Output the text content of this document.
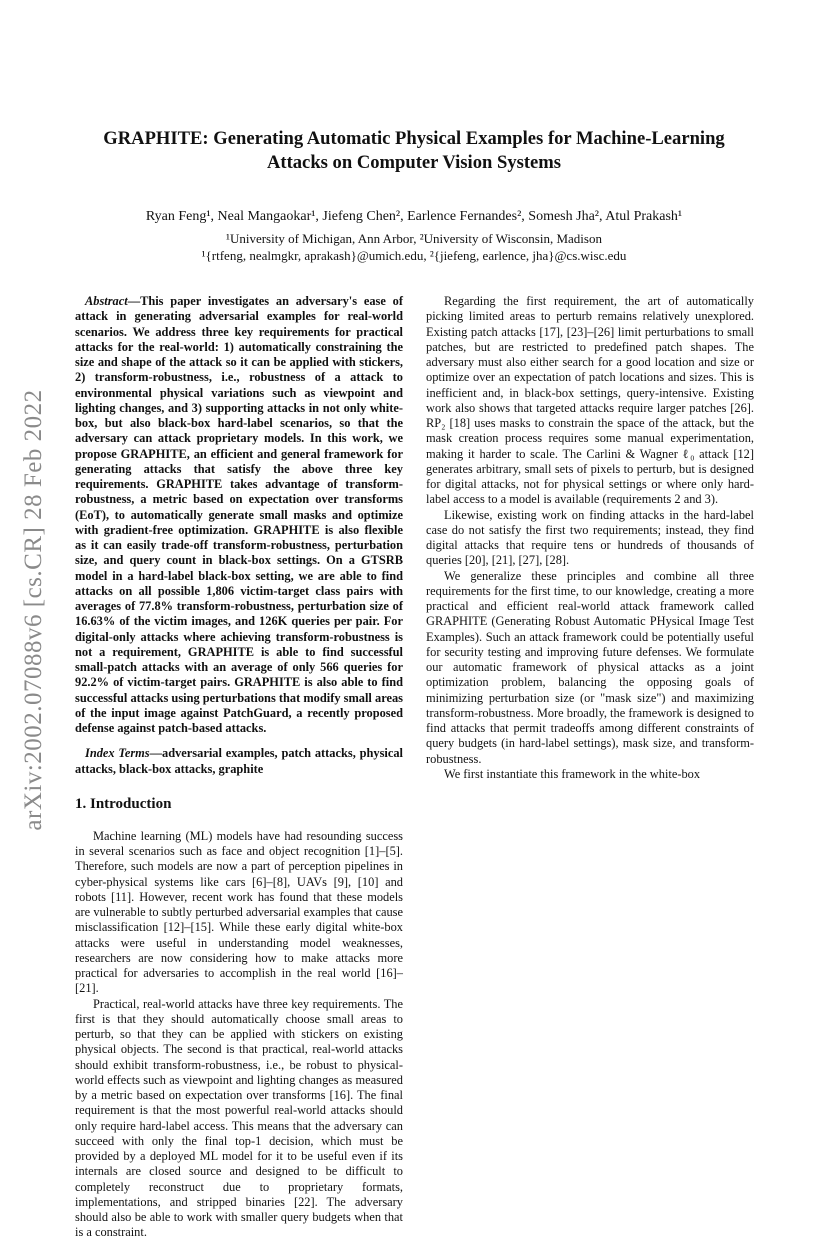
arXiv:2002.07088v6 [cs.CR] 28 Feb 2022
GRAPHITE: Generating Automatic Physical Examples for Machine-Learning Attacks on Computer Vision Systems
Ryan Feng¹, Neal Mangaokar¹, Jiefeng Chen², Earlence Fernandes², Somesh Jha², Atul Prakash¹
¹University of Michigan, Ann Arbor, ²University of Wisconsin, Madison
¹{rtfeng, nealmgkr, aprakash}@umich.edu, ²{jiefeng, earlence, jha}@cs.wisc.edu

Abstract—This paper investigates an adversary's ease of attack in generating adversarial examples for real-world scenarios. We address three key requirements for practical attacks for the real-world: 1) automatically constraining the size and shape of the attack so it can be applied with stickers, 2) transform-robustness, i.e., robustness of a attack to environmental physical variations such as viewpoint and lighting changes, and 3) supporting attacks in not only white-box, but also black-box hard-label scenarios, so that the adversary can attack proprietary models. In this work, we propose GRAPHITE, an efficient and general framework for generating attacks that satisfy the above three key requirements. GRAPHITE takes advantage of transform-robustness, a metric based on expectation over transforms (EoT), to automatically generate small masks and optimize with gradient-free optimization. GRAPHITE is also flexible as it can easily trade-off transform-robustness, perturbation size, and query count in black-box settings. On a GTSRB model in a hard-label black-box setting, we are able to find attacks on all possible 1,806 victim-target class pairs with averages of 77.8% transform-robustness, perturbation size of 16.63% of the victim images, and 126K queries per pair. For digital-only attacks where achieving transform-robustness is not a requirement, GRAPHITE is able to find successful small-patch attacks with an average of only 566 queries for 92.2% of victim-target pairs. GRAPHITE is also able to find successful attacks using perturbations that modify small areas of the input image against PatchGuard, a recently proposed defense against patch-based attacks.

Index Terms—adversarial examples, patch attacks, physical attacks, black-box attacks, graphite

1. Introduction

Machine learning (ML) models have had resounding success in several scenarios such as face and object recognition [1]–[5]. Therefore, such models are now a part of perception pipelines in cyber-physical systems like cars [6]–[8], UAVs [9], [10] and robots [11]. However, recent work has found that these models are vulnerable to subtly perturbed adversarial examples that cause misclassification [12]–[15]. While these early digital white-box attacks were useful in understanding model weaknesses, researchers are now considering how to make attacks more practical for adversaries to accomplish in the real world [16]–[21].

Practical, real-world attacks have three key requirements. The first is that they should automatically choose small areas to perturb, so that they can be applied with stickers on existing physical objects. The second is that practical, real-world attacks should exhibit transform-robustness, i.e., be robust to physical-world effects such as viewpoint and lighting changes as measured by a metric based on expectation over transforms [16]. The final requirement is that the most powerful real-world attacks should only require hard-label access. This means that the adversary can succeed with only the final top-1 decision, which must be provided by a deployed ML model for it to be useful even if its internals are closed source and designed to be difficult to completely reconstruct due to proprietary formats, implementations, and stripped binaries [22]. The adversary should also be able to work with smaller query budgets when that is a constraint.

Regarding the first requirement, the art of automatically picking limited areas to perturb remains relatively unexplored. Existing patch attacks [17], [23]–[26] limit perturbations to small patches, but are restricted to predefined patch shapes. The adversary must also either search for a good location and size or optimize over an expectation of patch locations and sizes. This is inefficient and, in black-box settings, query-intensive. Existing work also shows that targeted attacks require larger patches [26]. RP₂ [18] uses masks to constrain the space of the attack, but the mask creation process requires some manual experimentation, making it harder to scale. The Carlini & Wagner ℓ₀ attack [12] generates arbitrary, small sets of pixels to perturb, but is designed for digital attacks, not for physical settings or where only hard-label access to a model is available (requirements 2 and 3).

Likewise, existing work on finding attacks in the hard-label case do not satisfy the first two requirements; instead, they find digital attacks that require tens or hundreds of thousands of queries [20], [21], [27], [28].

We generalize these principles and combine all three requirements for the first time, to our knowledge, creating a more practical and efficient real-world attack framework called GRAPHITE (Generating Robust Automatic PHysical Image Test Examples). Such an attack framework could be potentially useful for security testing and improving future defenses. We formulate our automatic framework of physical attacks as a joint optimization problem, balancing the opposing goals of minimizing perturbation size (or "mask size") and maximizing transform-robustness. More broadly, the framework is designed to find attacks that permit tradeoffs among different constraints of query budgets (in hard-label settings), mask size, and transform-robustness.

We first instantiate this framework in the white-box
